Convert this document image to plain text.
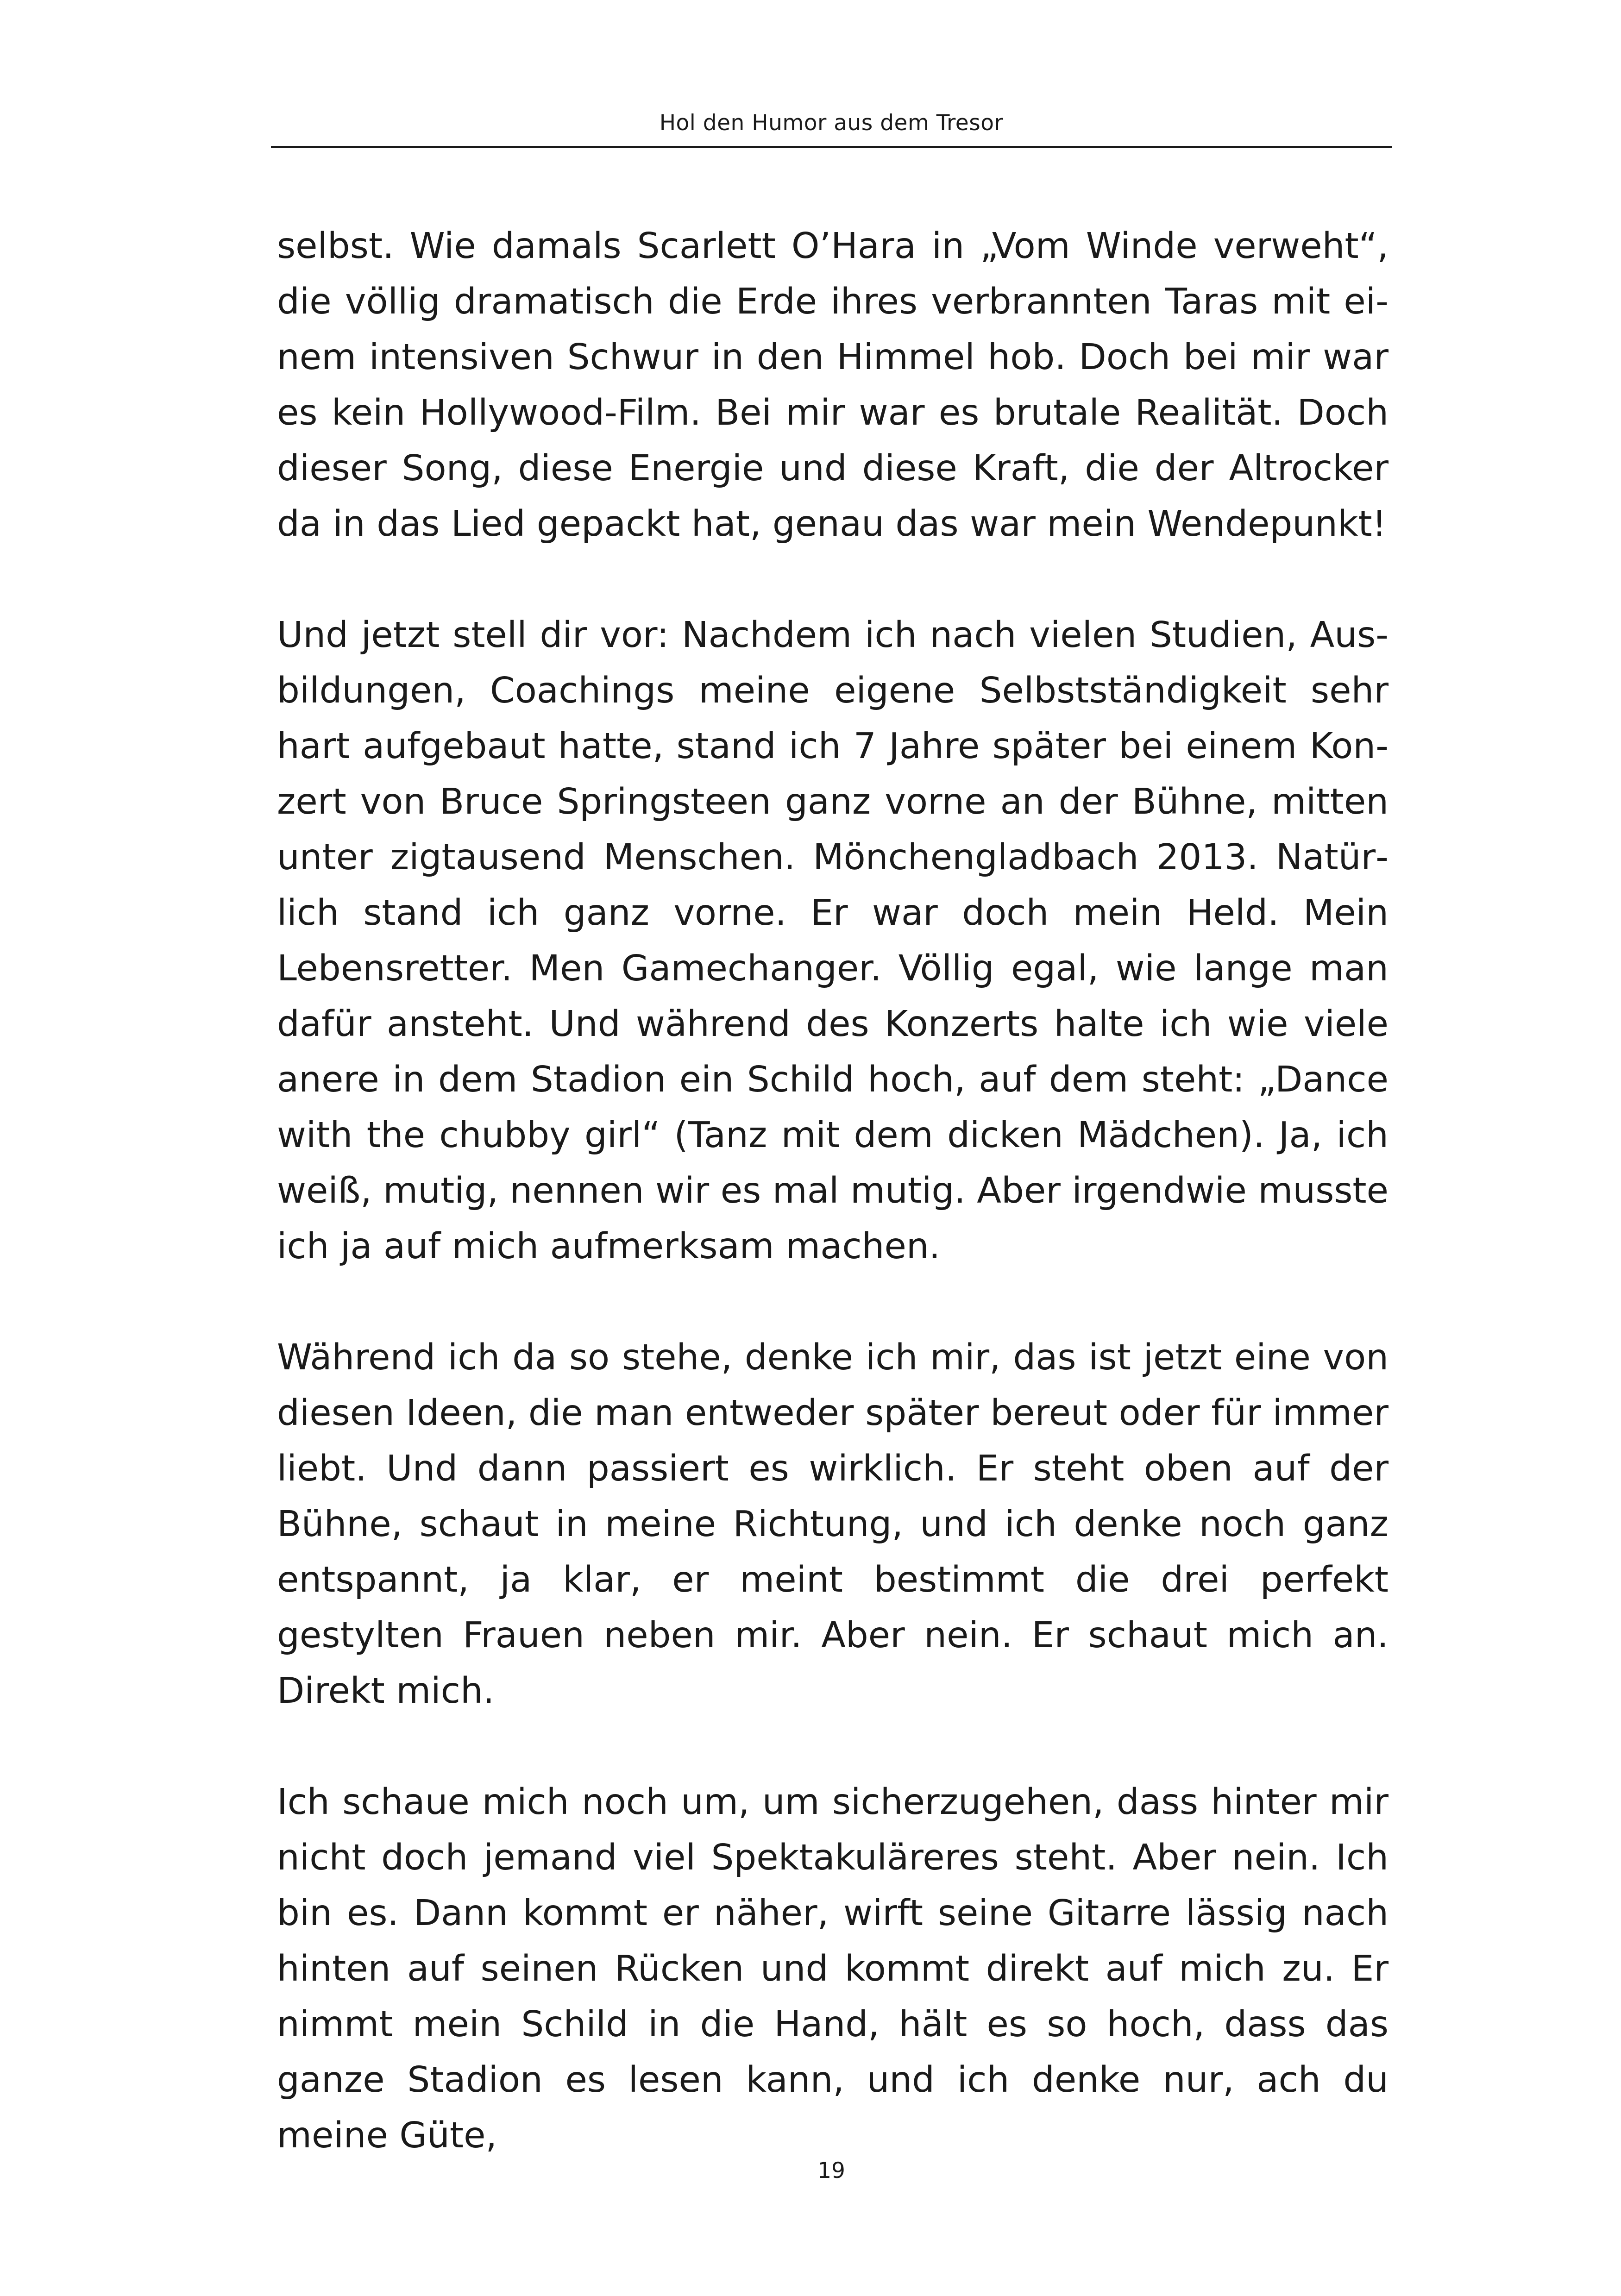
Hol den Humor aus dem Tresor

selbst. Wie damals Scarlett O’Hara in „Vom Winde verweht“, die völlig dramatisch die Erde ihres verbrannten Taras mit einem intensiven Schwur in den Himmel hob. Doch bei mir war es kein Hollywood-Film. Bei mir war es brutale Realität. Doch dieser Song, diese Energie und diese Kraft, die der Altrocker da in das Lied gepackt hat, genau das war mein Wendepunkt!

Und jetzt stell dir vor: Nachdem ich nach vielen Studien, Ausbildungen, Coachings meine eigene Selbstständigkeit sehr hart aufgebaut hatte, stand ich 7 Jahre später bei einem Konzert von Bruce Springsteen ganz vorne an der Bühne, mitten unter zigtausend Menschen. Mönchengladbach 2013. Natürlich stand ich ganz vorne. Er war doch mein Held. Mein Lebensretter. Men Gamechanger. Völlig egal, wie lange man dafür ansteht. Und während des Konzerts halte ich wie viele anere in dem Stadion ein Schild hoch, auf dem steht: „Dance with the chubby girl“ (Tanz mit dem dicken Mädchen). Ja, ich weiß, mutig, nennen wir es mal mutig. Aber irgendwie musste ich ja auf mich aufmerksam machen.

Während ich da so stehe, denke ich mir, das ist jetzt eine von diesen Ideen, die man entweder später bereut oder für immer liebt. Und dann passiert es wirklich. Er steht oben auf der Bühne, schaut in meine Richtung, und ich denke noch ganz entspannt, ja klar, er meint bestimmt die drei perfekt gestylten Frauen neben mir. Aber nein. Er schaut mich an. Direkt mich.

Ich schaue mich noch um, um sicherzugehen, dass hinter mir nicht doch jemand viel Spektakuläreres steht. Aber nein. Ich bin es. Dann kommt er näher, wirft seine Gitarre lässig nach hinten auf seinen Rücken und kommt direkt auf mich zu. Er nimmt mein Schild in die Hand, hält es so hoch, dass das ganze Stadion es lesen kann, und ich denke nur, ach du meine Güte,

19
